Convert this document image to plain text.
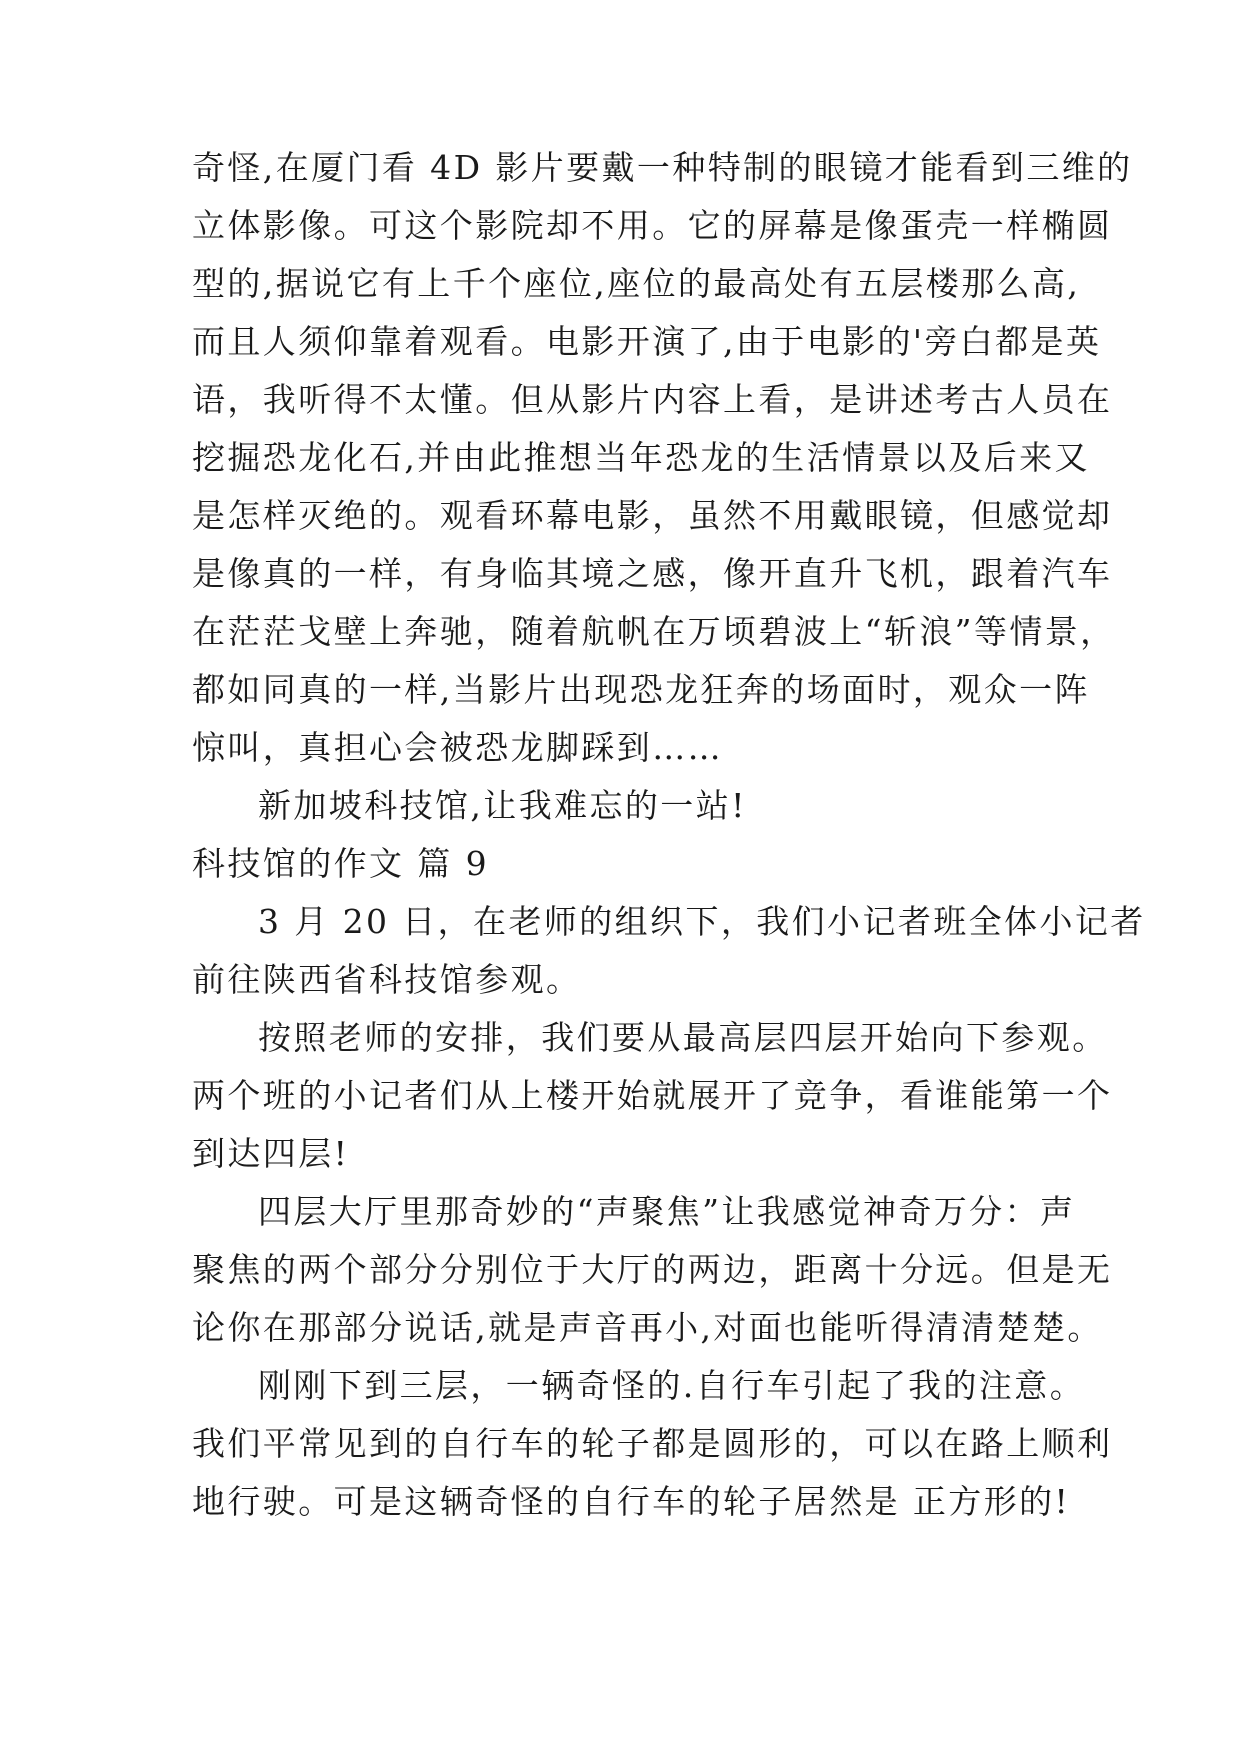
奇怪,在厦门看 4D 影片要戴一种特制的眼镜才能看到三维的
立体影像。可这个影院却不用。它的屏幕是像蛋壳一样椭圆
型的,据说它有上千个座位,座位的最高处有五层楼那么高,
而且人须仰靠着观看。电影开演了,由于电影的'旁白都是英
语，我听得不太懂。但从影片内容上看，是讲述考古人员在
挖掘恐龙化石,并由此推想当年恐龙的生活情景以及后来又
是怎样灭绝的。观看环幕电影，虽然不用戴眼镜，但感觉却
是像真的一样，有身临其境之感，像开直升飞机，跟着汽车
在茫茫戈壁上奔驰，随着航帆在万顷碧波上“斩浪”等情景，
都如同真的一样,当影片出现恐龙狂奔的场面时，观众一阵
惊叫，真担心会被恐龙脚踩到……
新加坡科技馆,让我难忘的一站!
科技馆的作文 篇 9
3 月 20 日，在老师的组织下，我们小记者班全体小记者
前往陕西省科技馆参观。
按照老师的安排，我们要从最高层四层开始向下参观。
两个班的小记者们从上楼开始就展开了竞争，看谁能第一个
到达四层!
四层大厅里那奇妙的“声聚焦”让我感觉神奇万分：声
聚焦的两个部分分别位于大厅的两边，距离十分远。但是无
论你在那部分说话,就是声音再小,对面也能听得清清楚楚。
刚刚下到三层，一辆奇怪的.自行车引起了我的注意。
我们平常见到的自行车的轮子都是圆形的，可以在路上顺利
地行驶。可是这辆奇怪的自行车的轮子居然是 正方形的!
